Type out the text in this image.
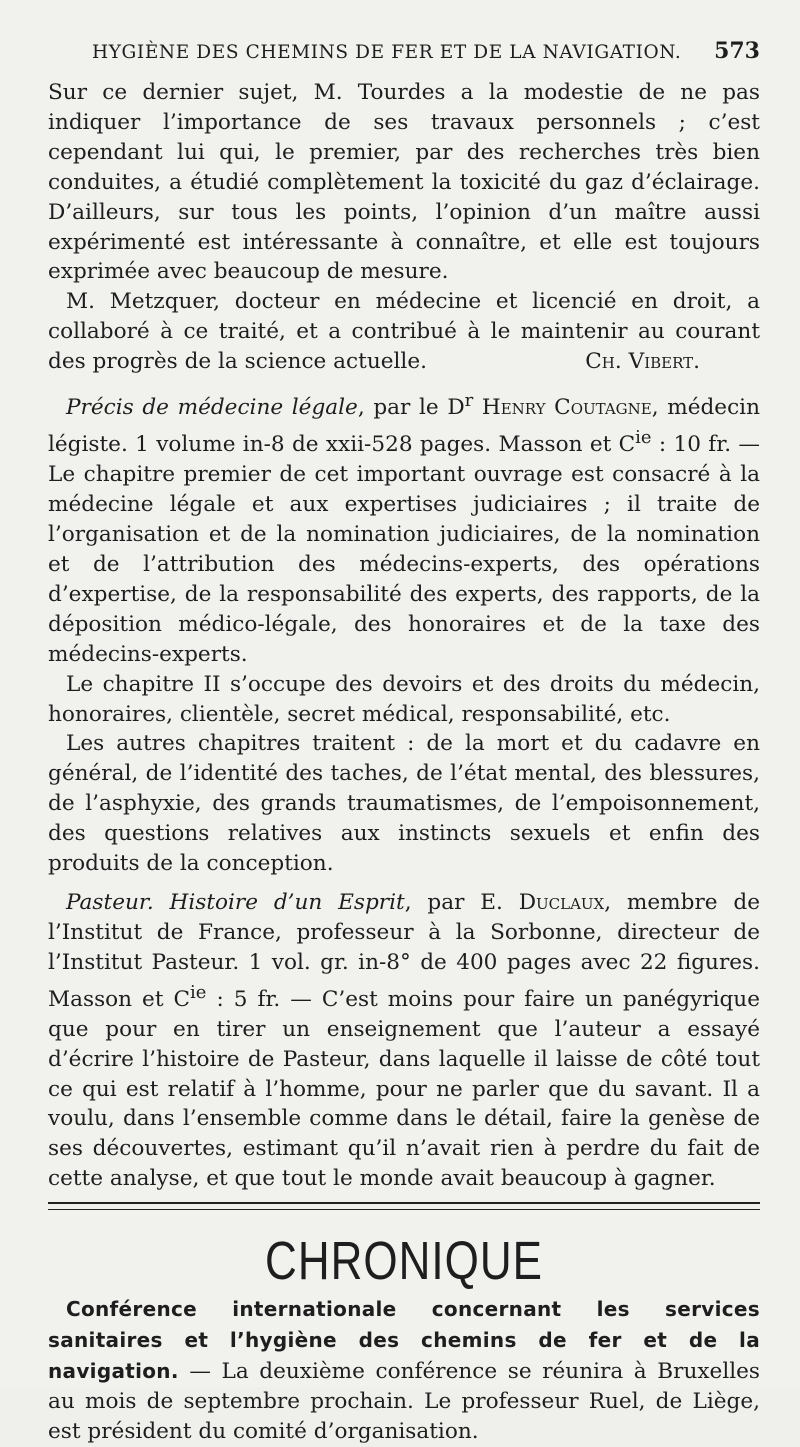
HYGIÈNE DES CHEMINS DE FER ET DE LA NAVIGATION. 573

Sur ce dernier sujet, M. Tourdes a la modestie de ne pas indiquer l’importance de ses travaux personnels ; c’est cependant lui qui, le premier, par des recherches très bien conduites, a étudié complètement la toxicité du gaz d’éclairage. D’ailleurs, sur tous les points, l’opinion d’un maître aussi expérimenté est intéressante à connaître, et elle est toujours exprimée avec beaucoup de mesure.

M. Metzquer, docteur en médecine et licencié en droit, a collaboré à ce traité, et a contribué à le maintenir au courant des progrès de la science actuelle.	Ch. Vibert.

Précis de médecine légale, par le $D^r$ Henry Coutagne, médecin légiste. 1 volume in-8 de xxii-528 pages. Masson et $C^{ie}$ : 10 fr. — Le chapitre premier de cet important ouvrage est consacré à la médecine légale et aux expertises judiciaires ; il traite de l’organisation et de la nomination judiciaires, de la nomination et de l’attribution des médecins-experts, des opérations d’expertise, de la responsabilité des experts, des rapports, de la déposition médico-légale, des honoraires et de la taxe des médecins-experts.

Le chapitre II s’occupe des devoirs et des droits du médecin, honoraires, clientèle, secret médical, responsabilité, etc.

Les autres chapitres traitent : de la mort et du cadavre en général, de l’identité des taches, de l’état mental, des blessures, de l’asphyxie, des grands traumatismes, de l’empoisonnement, des questions relatives aux instincts sexuels et enfin des produits de la conception.

Pasteur. Histoire d’un Esprit, par E. Duclaux, membre de l’Institut de France, professeur à la Sorbonne, directeur de l’Institut Pasteur. 1 vol. gr. in-8° de 400 pages avec 22 figures. Masson et $C^{ie}$ : 5 fr. — C’est moins pour faire un panégyrique que pour en tirer un enseignement que l’auteur a essayé d’écrire l’histoire de Pasteur, dans laquelle il laisse de côté tout ce qui est relatif à l’homme, pour ne parler que du savant. Il a voulu, dans l’ensemble comme dans le détail, faire la genèse de ses découvertes, estimant qu’il n’avait rien à perdre du fait de cette analyse, et que tout le monde avait beaucoup à gagner.

CHRONIQUE

Conférence internationale concernant les services sanitaires et l’hygiène des chemins de fer et de la navigation. — La deuxième conférence se réunira à Bruxelles au mois de septembre prochain. Le professeur Ruel, de Liège, est président du comité d’organisation.
